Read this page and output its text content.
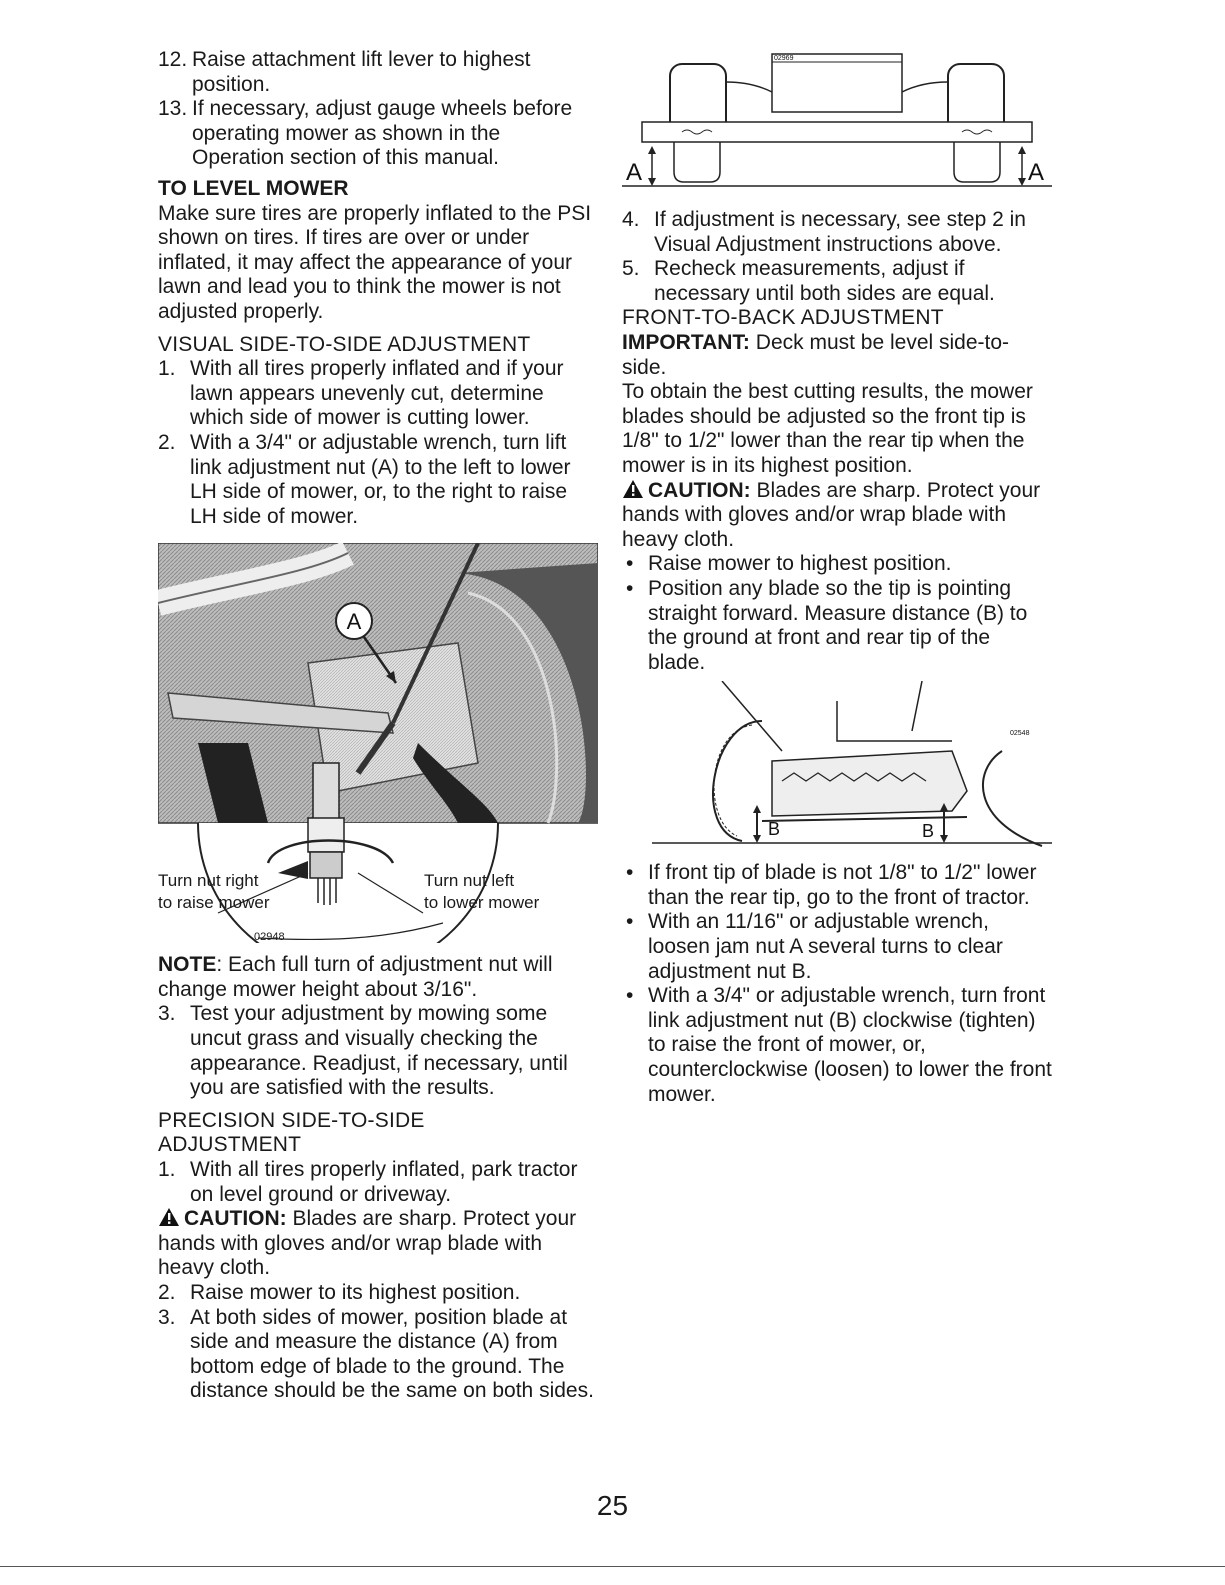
12. Raise attachment lift lever to highest position.
13. If necessary, adjust gauge wheels before operating mower as shown in the Operation section of this manual.

TO LEVEL MOWER

Make sure tires are properly inflated to the PSI shown on tires. If tires are over or under inflated, it may affect the appearance of your lawn and lead you to think the mower is not adjusted properly.

VISUAL SIDE-TO-SIDE ADJUSTMENT

1. With all tires properly inflated and if your lawn appears unevenly cut, determine which side of mower is cutting lower.
2. With a 3/4" or adjustable wrench, turn lift link adjustment nut (A) to the left to lower LH side of mower, or, to the right to raise LH side of mower.
A
Turn nut right
to raise mower
Turn nut left
to lower mower
02948

NOTE: Each full turn of adjustment nut will change mower height about 3/16".

3. Test your adjustment by mowing some uncut grass and visually checking the appearance. Readjust, if necessary, until you are satisfied with the results.

PRECISION SIDE-TO-SIDE

ADJUSTMENT

1. With all tires properly inflated, park tractor on level ground or driveway.

CAUTION: Blades are sharp. Protect your hands with gloves and/or wrap blade with heavy cloth.

2. Raise mower to its highest position.
3. At both sides of mower, position blade at side and measure the distance (A) from bottom edge of blade to the ground. The distance should be the same on both sides.
A	A
02969
4. If adjustment is necessary, see step 2 in Visual Adjustment instructions above.
5. Recheck measurements, adjust if necessary until both sides are equal.

FRONT-TO-BACK ADJUSTMENT

IMPORTANT: Deck must be level side-to-side.

To obtain the best cutting results, the mower blades should be adjusted so the front tip is 1/8" to 1/2" lower than the rear tip when the mower is in its highest position.

CAUTION: Blades are sharp. Protect your hands with gloves and/or wrap blade with heavy cloth.

• Raise mower to highest position.
• Position any blade so the tip is pointing straight forward. Measure distance (B) to the ground at front and rear tip of the blade.
B	B
02548
• If front tip of blade is not 1/8" to 1/2" lower than the rear tip, go to the front of tractor.
• With an 11/16" or adjustable wrench, loosen jam nut A several turns to clear adjustment nut B.
• With a 3/4" or adjustable wrench, turn front link adjustment nut (B) clockwise (tighten) to raise the front of mower, or, counterclockwise (loosen) to lower the front mower.
25
